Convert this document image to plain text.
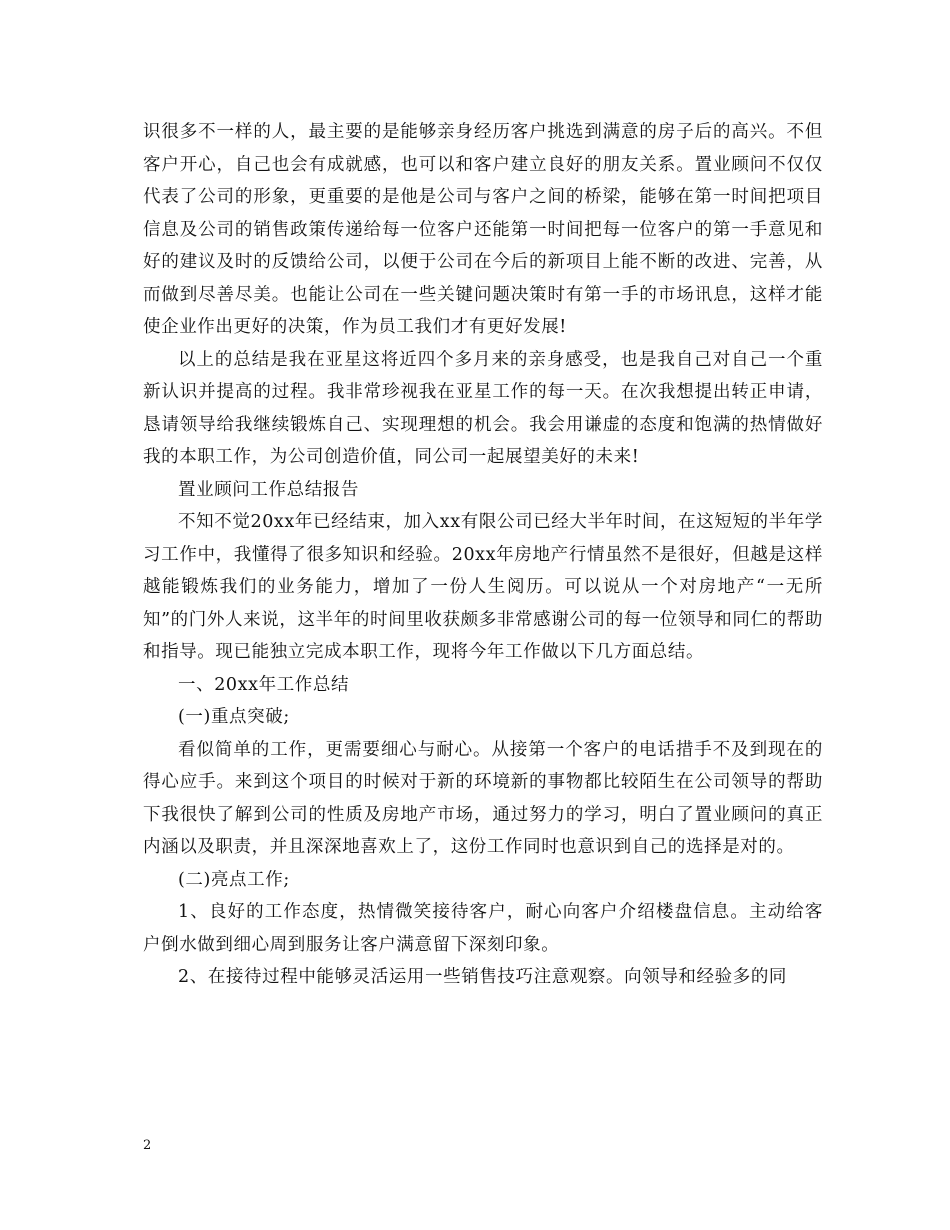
识很多不一样的人，最主要的是能够亲身经历客户挑选到满意的房子后的高兴。不但客户开心，自己也会有成就感，也可以和客户建立良好的朋友关系。置业顾问不仅仅代表了公司的形象，更重要的是他是公司与客户之间的桥梁，能够在第一时间把项目信息及公司的销售政策传递给每一位客户还能第一时间把每一位客户的第一手意见和好的建议及时的反馈给公司，以便于公司在今后的新项目上能不断的改进、完善，从而做到尽善尽美。也能让公司在一些关键问题决策时有第一手的市场讯息，这样才能使企业作出更好的决策，作为员工我们才有更好发展!

以上的总结是我在亚星这将近四个多月来的亲身感受，也是我自己对自己一个重新认识并提高的过程。我非常珍视我在亚星工作的每一天。在次我想提出转正申请，恳请领导给我继续锻炼自己、实现理想的机会。我会用谦虚的态度和饱满的热情做好我的本职工作，为公司创造价值，同公司一起展望美好的未来!

置业顾问工作总结报告

不知不觉20xx年已经结束，加入xx有限公司已经大半年时间，在这短短的半年学习工作中，我懂得了很多知识和经验。20xx年房地产行情虽然不是很好，但越是这样越能锻炼我们的业务能力，增加了一份人生阅历。可以说从一个对房地产“一无所知”的门外人来说，这半年的时间里收获颇多非常感谢公司的每一位领导和同仁的帮助和指导。现已能独立完成本职工作，现将今年工作做以下几方面总结。

一、20xx年工作总结

(一)重点突破;

看似简单的工作，更需要细心与耐心。从接第一个客户的电话措手不及到现在的得心应手。来到这个项目的时候对于新的环境新的事物都比较陌生在公司领导的帮助下我很快了解到公司的性质及房地产市场，通过努力的学习，明白了置业顾问的真正内涵以及职责，并且深深地喜欢上了，这份工作同时也意识到自己的选择是对的。

(二)亮点工作;

1、良好的工作态度，热情微笑接待客户，耐心向客户介绍楼盘信息。主动给客户倒水做到细心周到服务让客户满意留下深刻印象。

2、在接待过程中能够灵活运用一些销售技巧注意观察。向领导和经验多的同

2
